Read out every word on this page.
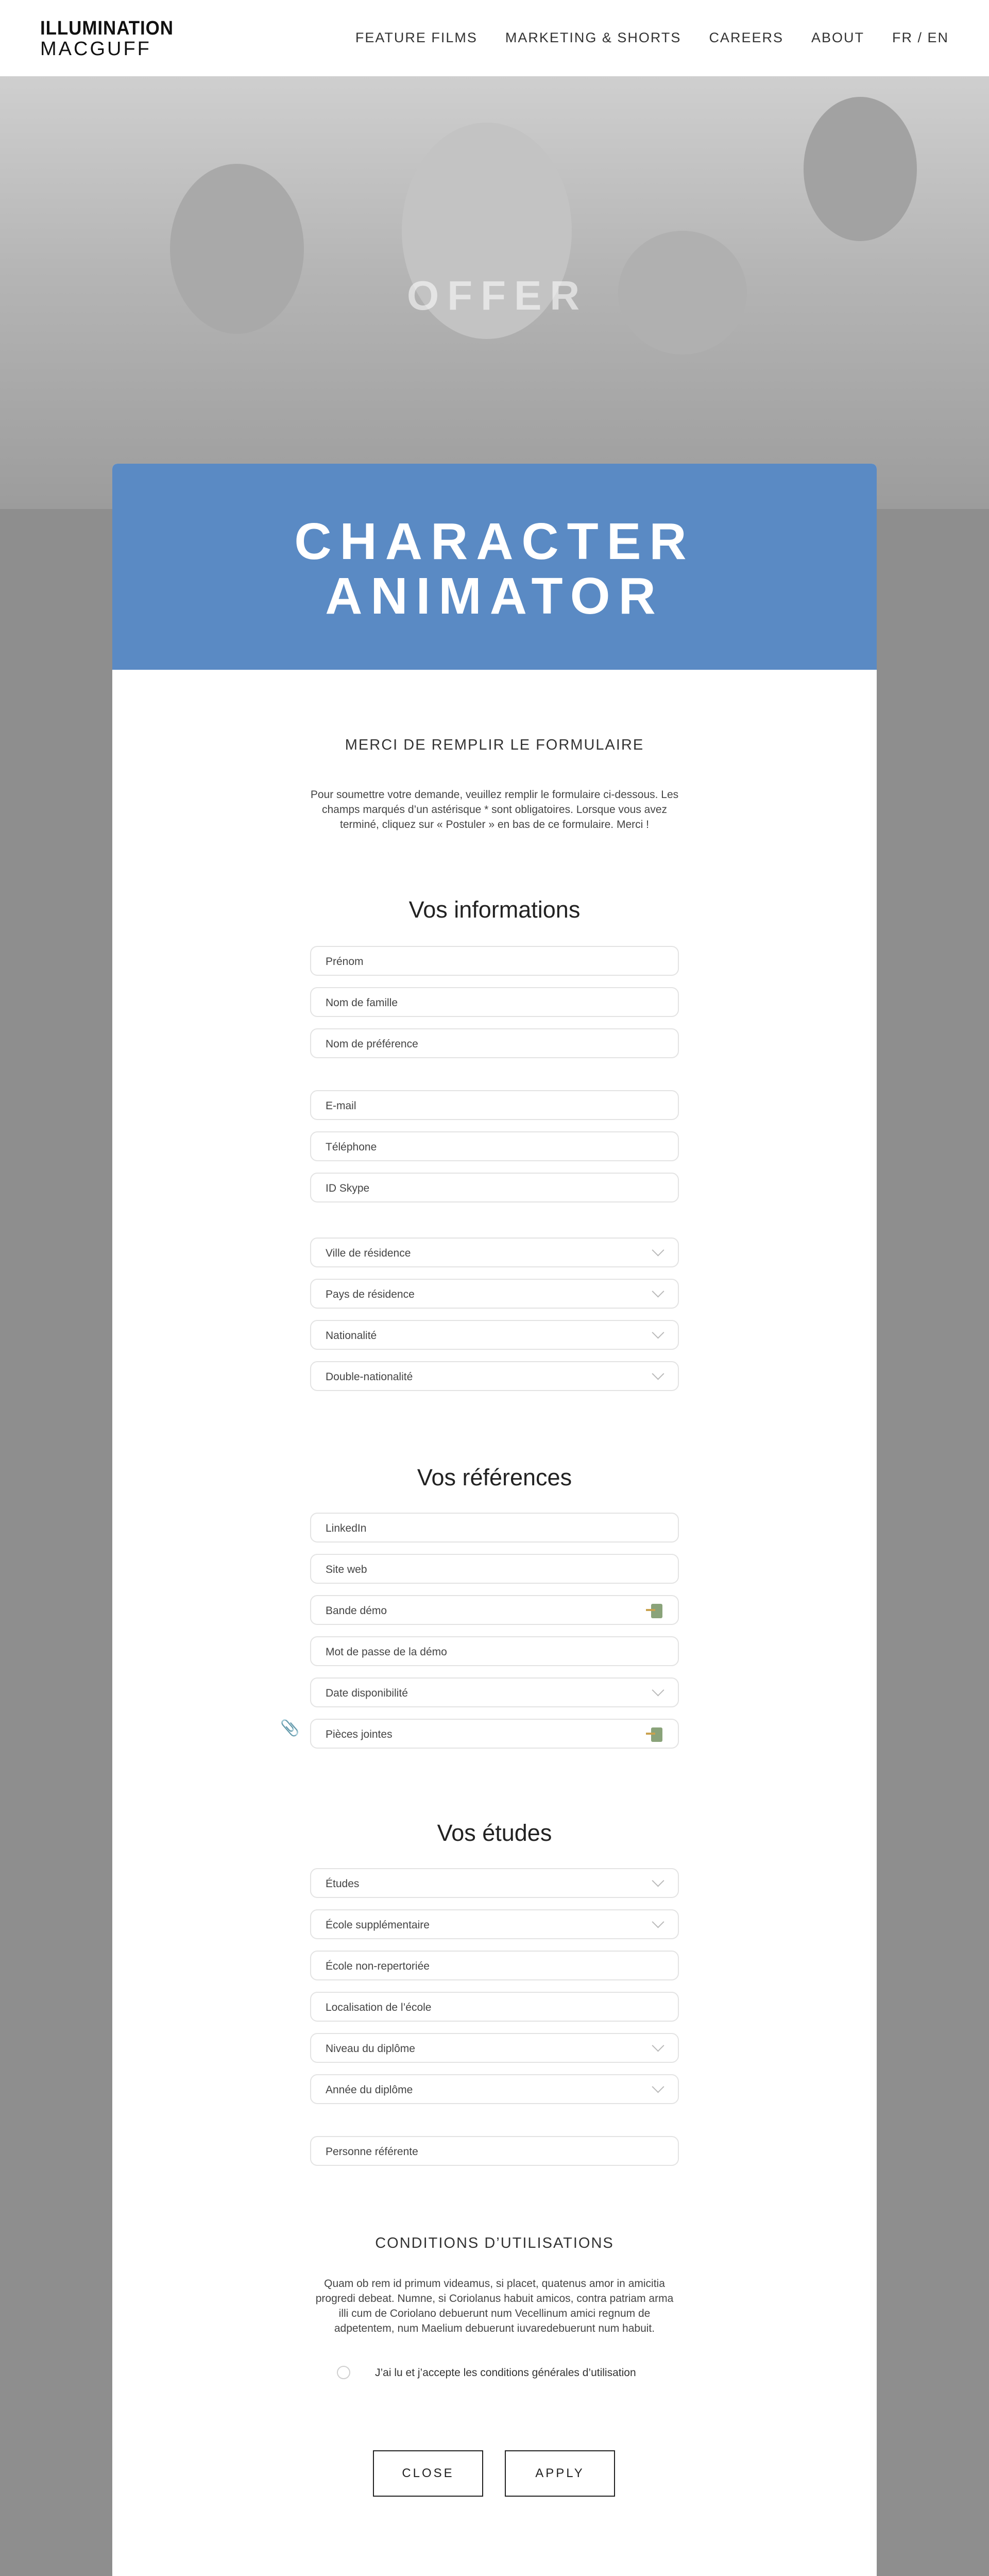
ILLUMINATION
MACGUFF
FEATURE FILMS MARKETING & SHORTS CAREERS ABOUT FR / EN
OFFER
CHARACTER
ANIMATOR
MERCI DE REMPLIR LE FORMULAIRE
Pour soumettre votre demande, veuillez remplir le formulaire ci-dessous. Les champs marqués d’un astérisque * sont obligatoires. Lorsque vous avez terminé, cliquez sur « Postuler » en bas de ce formulaire. Merci !
Vos informations
Prénom
Nom de famille
Nom de préférence
E-mail
Téléphone
ID Skype
Ville de résidence
Pays de résidence
Nationalité
Double-nationalité
Vos références
LinkedIn
Site web
Bande démo
Mot de passe de la démo
Date disponibilité
📎 Pièces jointes
Vos études
Études
École supplémentaire
École non-repertoriée
Localisation de l’école
Niveau du diplôme
Année du diplôme
Personne référente
CONDITIONS D’UTILISATIONS
Quam ob rem id primum videamus, si placet, quatenus amor in amicitia progredi debeat. Numne, si Coriolanus habuit amicos, contra patriam arma illi cum de Coriolano debuerunt num Vecellinum amici regnum de adpetentem, num Maelium debuerunt iuvaredebuerunt num habuit.
J’ai lu et j’accepte les conditions générales d’utilisation
CLOSE	APPLY
